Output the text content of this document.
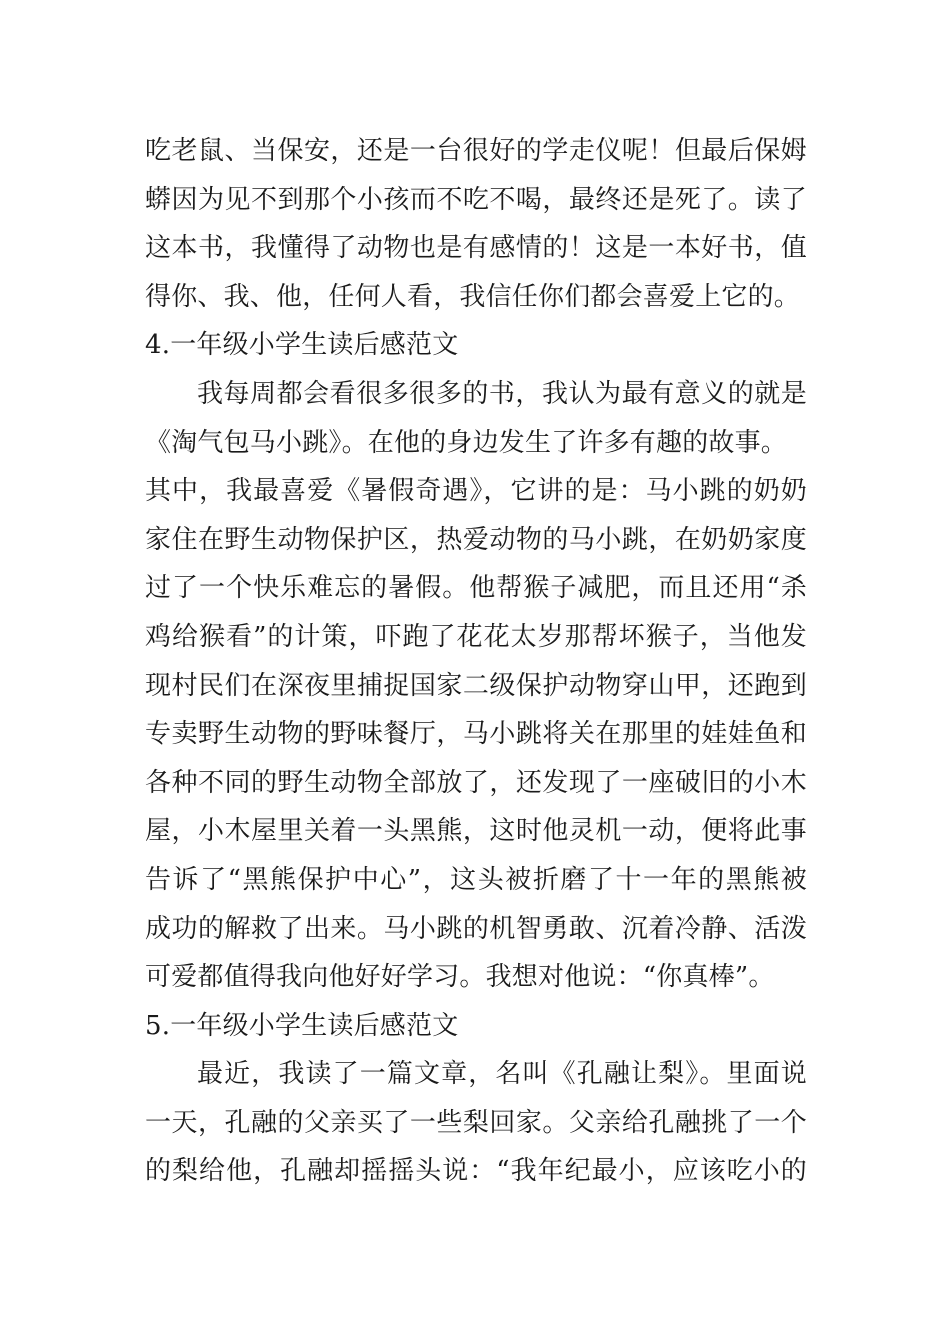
吃老鼠、当保安，还是一台很好的学走仪呢！但最后保姆
蟒因为见不到那个小孩而不吃不喝，最终还是死了。读了
这本书，我懂得了动物也是有感情的！这是一本好书，值
得你、我、他，任何人看，我信任你们都会喜爱上它的。
4.一年级小学生读后感范文
我每周都会看很多很多的书，我认为最有意义的就是
《淘气包马小跳》。在他的身边发生了许多有趣的故事。
其中，我最喜爱《暑假奇遇》，它讲的是：马小跳的奶奶
家住在野生动物保护区，热爱动物的马小跳，在奶奶家度
过了一个快乐难忘的暑假。他帮猴子减肥，而且还用“杀
鸡给猴看”的计策，吓跑了花花太岁那帮坏猴子，当他发
现村民们在深夜里捕捉国家二级保护动物穿山甲，还跑到
专卖野生动物的野味餐厅，马小跳将关在那里的娃娃鱼和
各种不同的野生动物全部放了，还发现了一座破旧的小木
屋，小木屋里关着一头黑熊，这时他灵机一动，便将此事
告诉了“黑熊保护中心”，这头被折磨了十一年的黑熊被
成功的解救了出来。马小跳的机智勇敢、沉着冷静、活泼
可爱都值得我向他好好学习。我想对他说：“你真棒”。
5.一年级小学生读后感范文
最近，我读了一篇文章，名叫《孔融让梨》。里面说
一天，孔融的父亲买了一些梨回家。父亲给孔融挑了一个
的梨给他，孔融却摇摇头说：“我年纪最小，应该吃小的
